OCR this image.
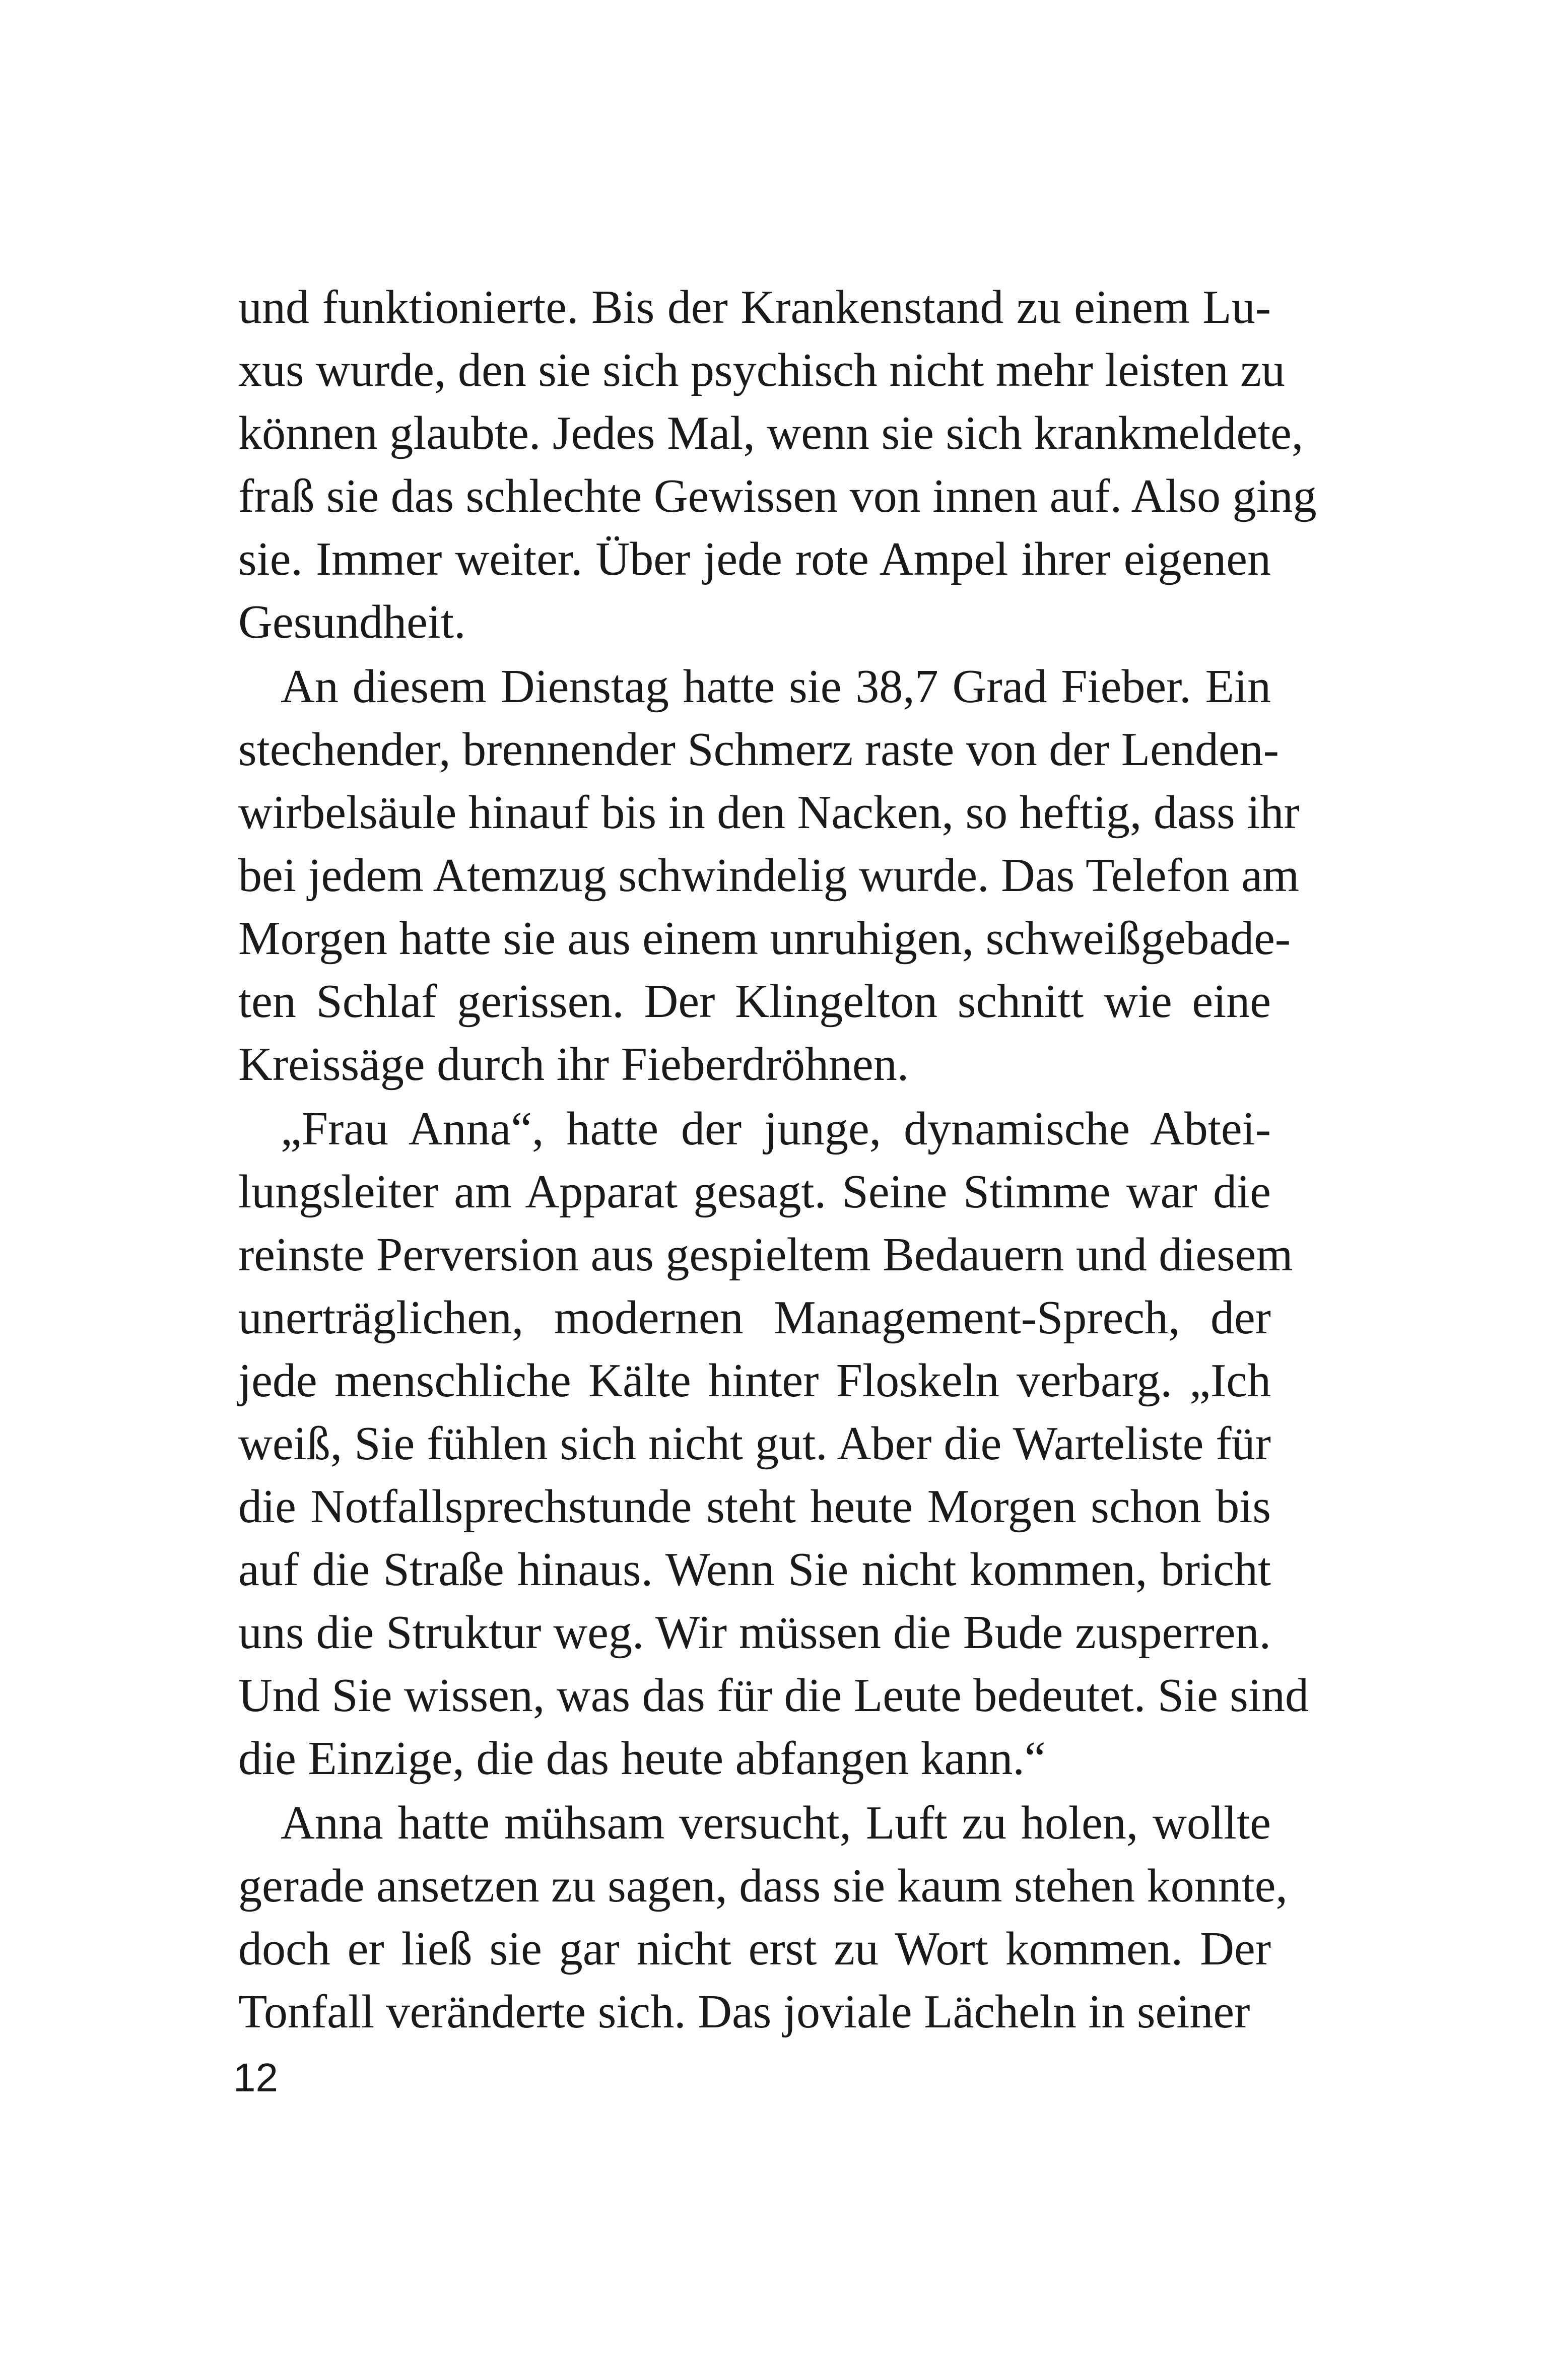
und funktionierte. Bis der Krankenstand zu einem Lu-
xus wurde, den sie sich psychisch nicht mehr leisten zu
können glaubte. Jedes Mal, wenn sie sich krankmeldete,
fraß sie das schlechte Gewissen von innen auf. Also ging
sie. Immer weiter. Über jede rote Ampel ihrer eigenen
Gesundheit.
An diesem Dienstag hatte sie 38,7 Grad Fieber. Ein
stechender, brennender Schmerz raste von der Lenden-
wirbelsäule hinauf bis in den Nacken, so heftig, dass ihr
bei jedem Atemzug schwindelig wurde. Das Telefon am
Morgen hatte sie aus einem unruhigen, schweißgebade-
ten Schlaf gerissen. Der Klingelton schnitt wie eine
Kreissäge durch ihr Fieberdröhnen.
„Frau Anna“, hatte der junge, dynamische Abtei-
lungsleiter am Apparat gesagt. Seine Stimme war die
reinste Perversion aus gespieltem Bedauern und diesem
unerträglichen, modernen Management-Sprech, der
jede menschliche Kälte hinter Floskeln verbarg. „Ich
weiß, Sie fühlen sich nicht gut. Aber die Warteliste für
die Notfallsprechstunde steht heute Morgen schon bis
auf die Straße hinaus. Wenn Sie nicht kommen, bricht
uns die Struktur weg. Wir müssen die Bude zusperren.
Und Sie wissen, was das für die Leute bedeutet. Sie sind
die Einzige, die das heute abfangen kann.“
Anna hatte mühsam versucht, Luft zu holen, wollte
gerade ansetzen zu sagen, dass sie kaum stehen konnte,
doch er ließ sie gar nicht erst zu Wort kommen. Der
Tonfall veränderte sich. Das joviale Lächeln in seiner
12
